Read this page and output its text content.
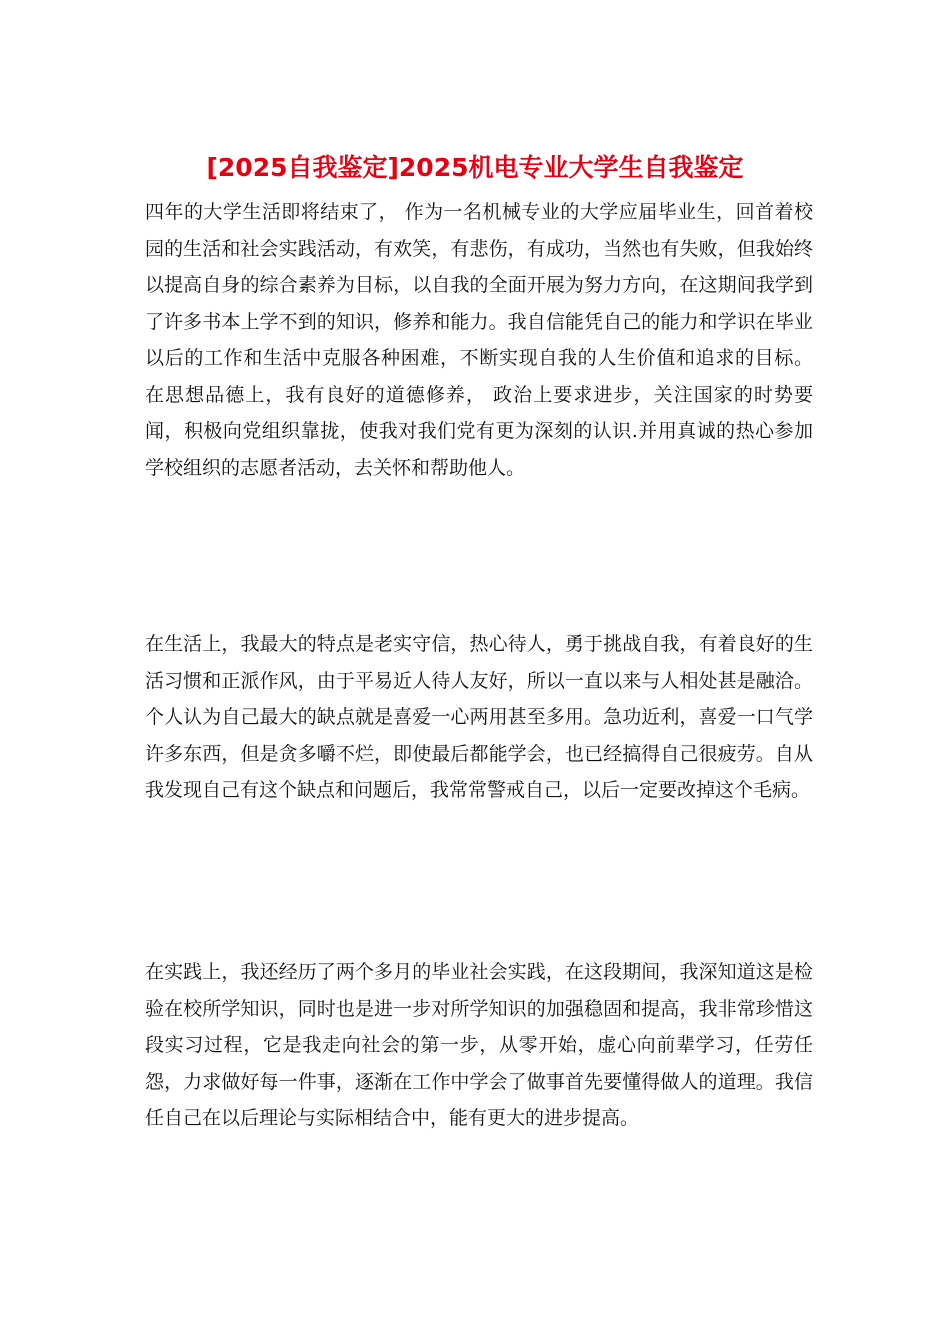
[2025自我鉴定]2025机电专业大学生自我鉴定

四年的大学生活即将结束了， 作为一名机械专业的大学应届毕业生，回首着校园的生活和社会实践活动，有欢笑，有悲伤，有成功，当然也有失败，但我始终以提高自身的综合素养为目标，以自我的全面开展为努力方向，在这期间我学到了许多书本上学不到的知识，修养和能力。我自信能凭自己的能力和学识在毕业以后的工作和生活中克服各种困难，不断实现自我的人生价值和追求的目标。 在思想品德上，我有良好的道德修养， 政治上要求进步，关注国家的时势要闻，积极向党组织靠拢，使我对我们党有更为深刻的认识.并用真诚的热心参加学校组织的志愿者活动，去关怀和帮助他人。

在生活上，我最大的特点是老实守信，热心待人，勇于挑战自我，有着良好的生活习惯和正派作风，由于平易近人待人友好，所以一直以来与人相处甚是融洽。个人认为自己最大的缺点就是喜爱一心两用甚至多用。急功近利，喜爱一口气学许多东西，但是贪多嚼不烂，即使最后都能学会，也已经搞得自己很疲劳。自从我发现自己有这个缺点和问题后，我常常警戒自己，以后一定要改掉这个毛病。

在实践上，我还经历了两个多月的毕业社会实践，在这段期间，我深知道这是检验在校所学知识，同时也是进一步对所学知识的加强稳固和提高，我非常珍惜这段实习过程，它是我走向社会的第一步，从零开始，虚心向前辈学习，任劳任怨，力求做好每一件事，逐渐在工作中学会了做事首先要懂得做人的道理。我信任自己在以后理论与实际相结合中，能有更大的进步提高。
